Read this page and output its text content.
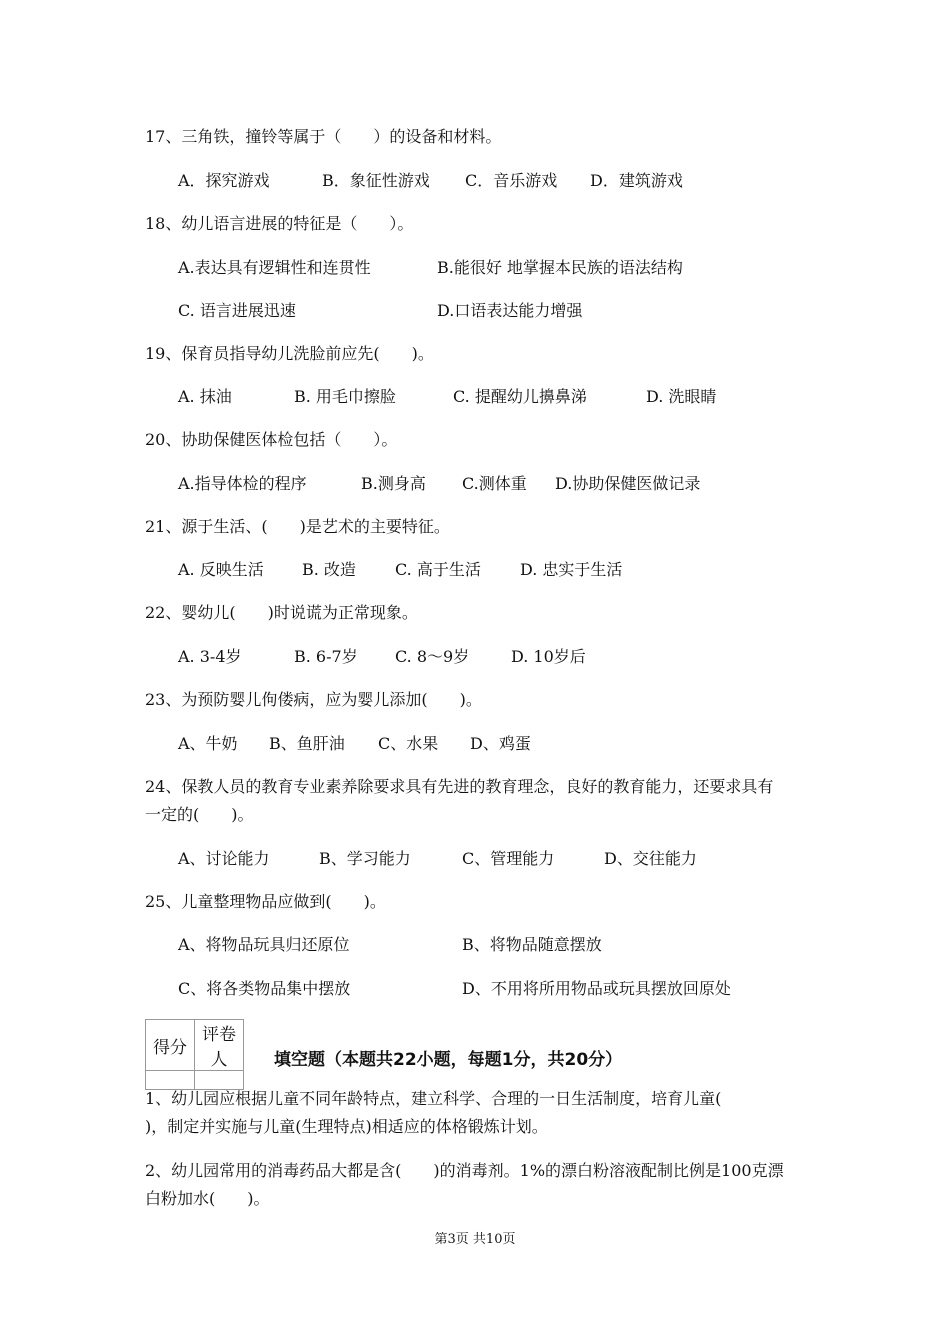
17、三角铁，撞铃等属于（　　）的设备和材料。
A．探究游戏	B．象征性游戏 C．音乐游戏 D．建筑游戏
18、幼儿语言进展的特征是（　　）。
A.表达具有逻辑性和连贯性	B.能很好 地掌握本民族的语法结构
C. 语言进展迅速	D.口语表达能力增强
19、保育员指导幼儿洗脸前应先(　　)。
A. 抹油	B. 用毛巾擦脸	C. 提醒幼儿擤鼻涕	D. 洗眼睛
20、协助保健医体检包括（　　）。
A.指导体检的程序	B.测身高 C.测体重 D.协助保健医做记录
21、源于生活、(　　)是艺术的主要特征。
A. 反映生活 B. 改造 C. 高于生活 D. 忠实于生活
22、婴幼儿(　　)时说谎为正常现象。
A. 3-4岁	B. 6-7岁 C. 8～9岁	D. 10岁后
23、为预防婴儿佝偻病，应为婴儿添加(　　)。
A、牛奶 B、鱼肝油 C、水果 D、鸡蛋
24、保教人员的教育专业素养除要求具有先进的教育理念，良好的教育能力，还要求具有
一定的(　　)。
A、讨论能力	B、学习能力	C、管理能力	D、交往能力
25、儿童整理物品应做到(　　)。
A、将物品玩具归还原位	B、将物品随意摆放
C、将各类物品集中摆放	D、不用将所用物品或玩具摆放回原处
得分	评卷人
		填空题（本题共22小题，每题1分，共20分）
1、幼儿园应根据儿童不同年龄特点，建立科学、合理的一日生活制度，培育儿童(
)，制定并实施与儿童(生理特点)相适应的体格锻炼计划。
2、幼儿园常用的消毒药品大都是含(　　)的消毒剂。1%的漂白粉溶液配制比例是100克漂
白粉加水(　　)。
第3页 共10页
